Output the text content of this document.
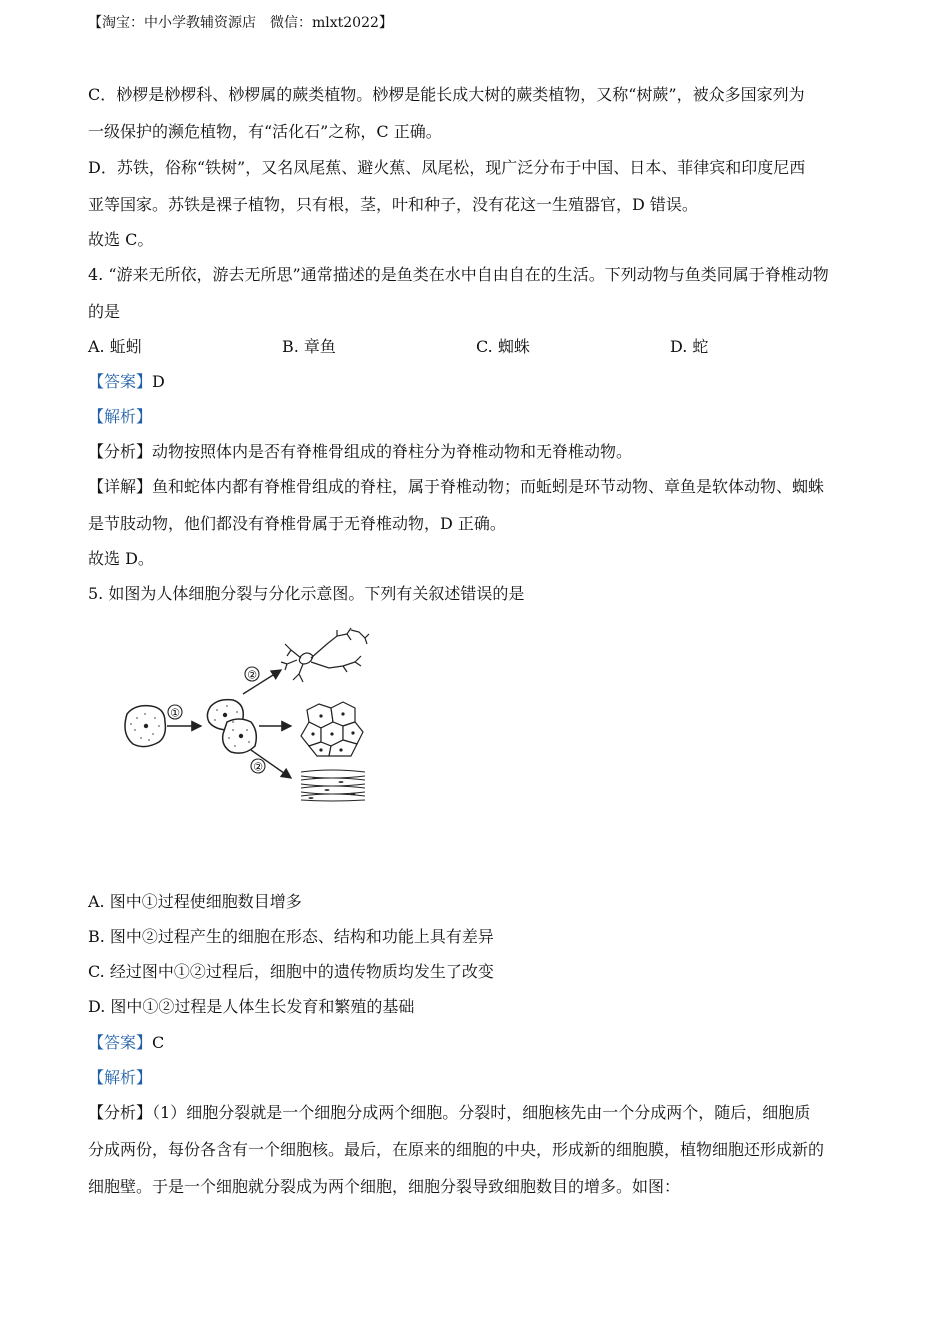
【淘宝：中小学教辅资源店　微信：mlxt2022】
C．桫椤是桫椤科、桫椤属的蕨类植物。桫椤是能长成大树的蕨类植物，又称“树蕨”，被众多国家列为
一级保护的濒危植物，有“活化石”之称，C 正确。
D．苏铁，俗称“铁树”，又名凤尾蕉、避火蕉、凤尾松，现广泛分布于中国、日本、菲律宾和印度尼西
亚等国家。苏铁是裸子植物，只有根，茎，叶和种子，没有花这一生殖器官，D 错误。
故选 C。
4. “游来无所依，游去无所思”通常描述的是鱼类在水中自由自在的生活。下列动物与鱼类同属于脊椎动物
的是
A. 蚯蚓	B. 章鱼	C. 蜘蛛	D. 蛇
【答案】D
【解析】
【分析】动物按照体内是否有脊椎骨组成的脊柱分为脊椎动物和无脊椎动物。
【详解】鱼和蛇体内都有脊椎骨组成的脊柱，属于脊椎动物；而蚯蚓是环节动物、章鱼是软体动物、蜘蛛
是节肢动物，他们都没有脊椎骨属于无脊椎动物，D 正确。
故选 D。
5. 如图为人体细胞分裂与分化示意图。下列有关叙述错误的是
①
②
②
A. 图中①过程使细胞数目增多
B. 图中②过程产生的细胞在形态、结构和功能上具有差异
C. 经过图中①②过程后，细胞中的遗传物质均发生了改变
D. 图中①②过程是人体生长发育和繁殖的基础
【答案】C
【解析】
【分析】（1）细胞分裂就是一个细胞分成两个细胞。分裂时，细胞核先由一个分成两个，随后，细胞质
分成两份，每份各含有一个细胞核。最后，在原来的细胞的中央，形成新的细胞膜，植物细胞还形成新的
细胞壁。于是一个细胞就分裂成为两个细胞，细胞分裂导致细胞数目的增多。如图：
